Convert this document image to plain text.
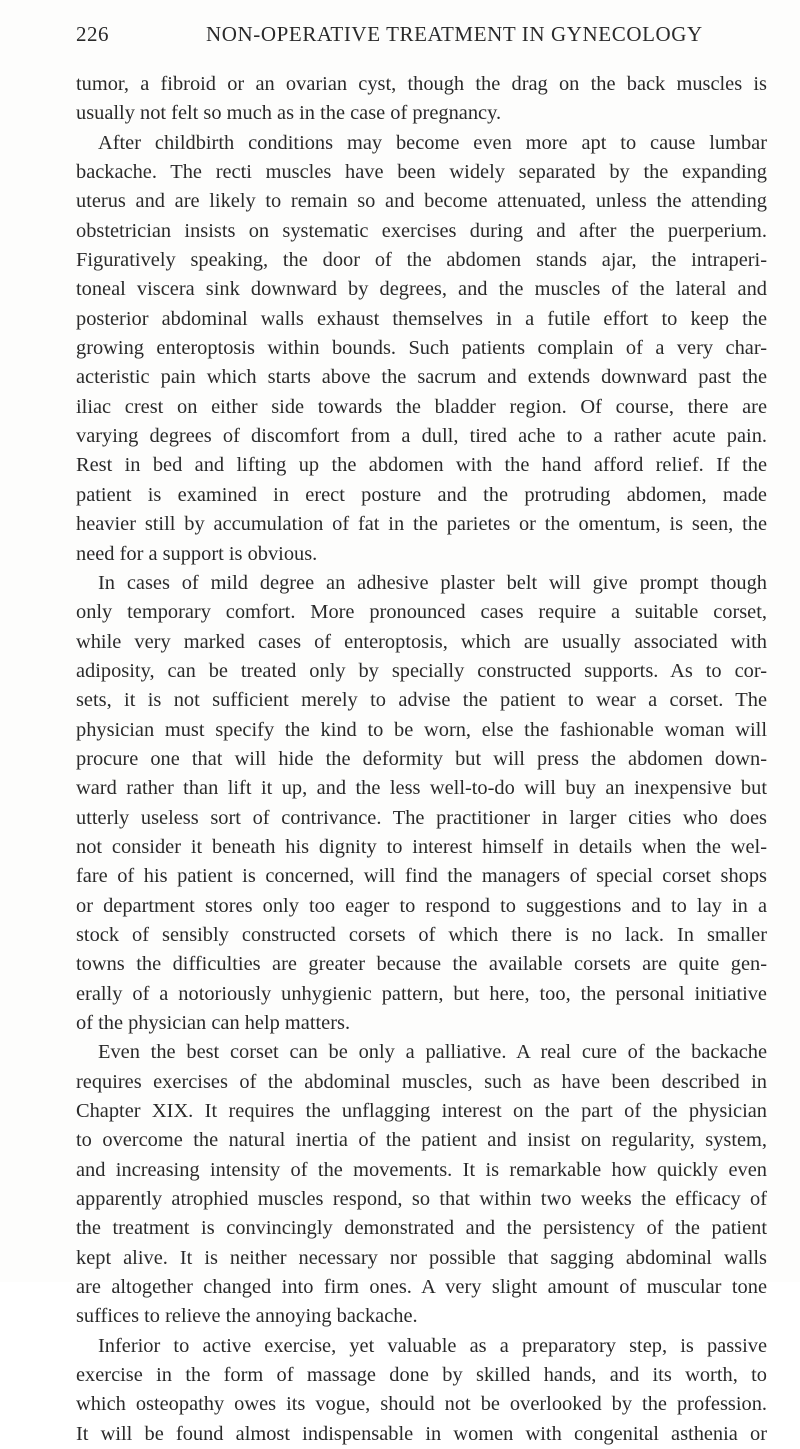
226	NON-OPERATIVE TREATMENT IN GYNECOLOGY
tumor, a fibroid or an ovarian cyst, though the drag on the back muscles is
usually not felt so much as in the case of pregnancy.
After childbirth conditions may become even more apt to cause lumbar
backache. The recti muscles have been widely separated by the expanding
uterus and are likely to remain so and become attenuated, unless the attending
obstetrician insists on systematic exercises during and after the puerperium.
Figuratively speaking, the door of the abdomen stands ajar, the intraperi-
toneal viscera sink downward by degrees, and the muscles of the lateral and
posterior abdominal walls exhaust themselves in a futile effort to keep the
growing enteroptosis within bounds. Such patients complain of a very char-
acteristic pain which starts above the sacrum and extends downward past the
iliac crest on either side towards the bladder region. Of course, there are
varying degrees of discomfort from a dull, tired ache to a rather acute pain.
Rest in bed and lifting up the abdomen with the hand afford relief. If the
patient is examined in erect posture and the protruding abdomen, made
heavier still by accumulation of fat in the parietes or the omentum, is seen, the
need for a support is obvious.
In cases of mild degree an adhesive plaster belt will give prompt though
only temporary comfort. More pronounced cases require a suitable corset,
while very marked cases of enteroptosis, which are usually associated with
adiposity, can be treated only by specially constructed supports. As to cor-
sets, it is not sufficient merely to advise the patient to wear a corset. The
physician must specify the kind to be worn, else the fashionable woman will
procure one that will hide the deformity but will press the abdomen down-
ward rather than lift it up, and the less well-to-do will buy an inexpensive but
utterly useless sort of contrivance. The practitioner in larger cities who does
not consider it beneath his dignity to interest himself in details when the wel-
fare of his patient is concerned, will find the managers of special corset shops
or department stores only too eager to respond to suggestions and to lay in a
stock of sensibly constructed corsets of which there is no lack. In smaller
towns the difficulties are greater because the available corsets are quite gen-
erally of a notoriously unhygienic pattern, but here, too, the personal initiative
of the physician can help matters.
Even the best corset can be only a palliative. A real cure of the backache
requires exercises of the abdominal muscles, such as have been described in
Chapter XIX. It requires the unflagging interest on the part of the physician
to overcome the natural inertia of the patient and insist on regularity, system,
and increasing intensity of the movements. It is remarkable how quickly even
apparently atrophied muscles respond, so that within two weeks the efficacy of
the treatment is convincingly demonstrated and the persistency of the patient
kept alive. It is neither necessary nor possible that sagging abdominal walls
are altogether changed into firm ones. A very slight amount of muscular tone
suffices to relieve the annoying backache.
Inferior to active exercise, yet valuable as a preparatory step, is passive
exercise in the form of massage done by skilled hands, and its worth, to
which osteopathy owes its vogue, should not be overlooked by the profession.
It will be found almost indispensable in women with congenital asthenia or
